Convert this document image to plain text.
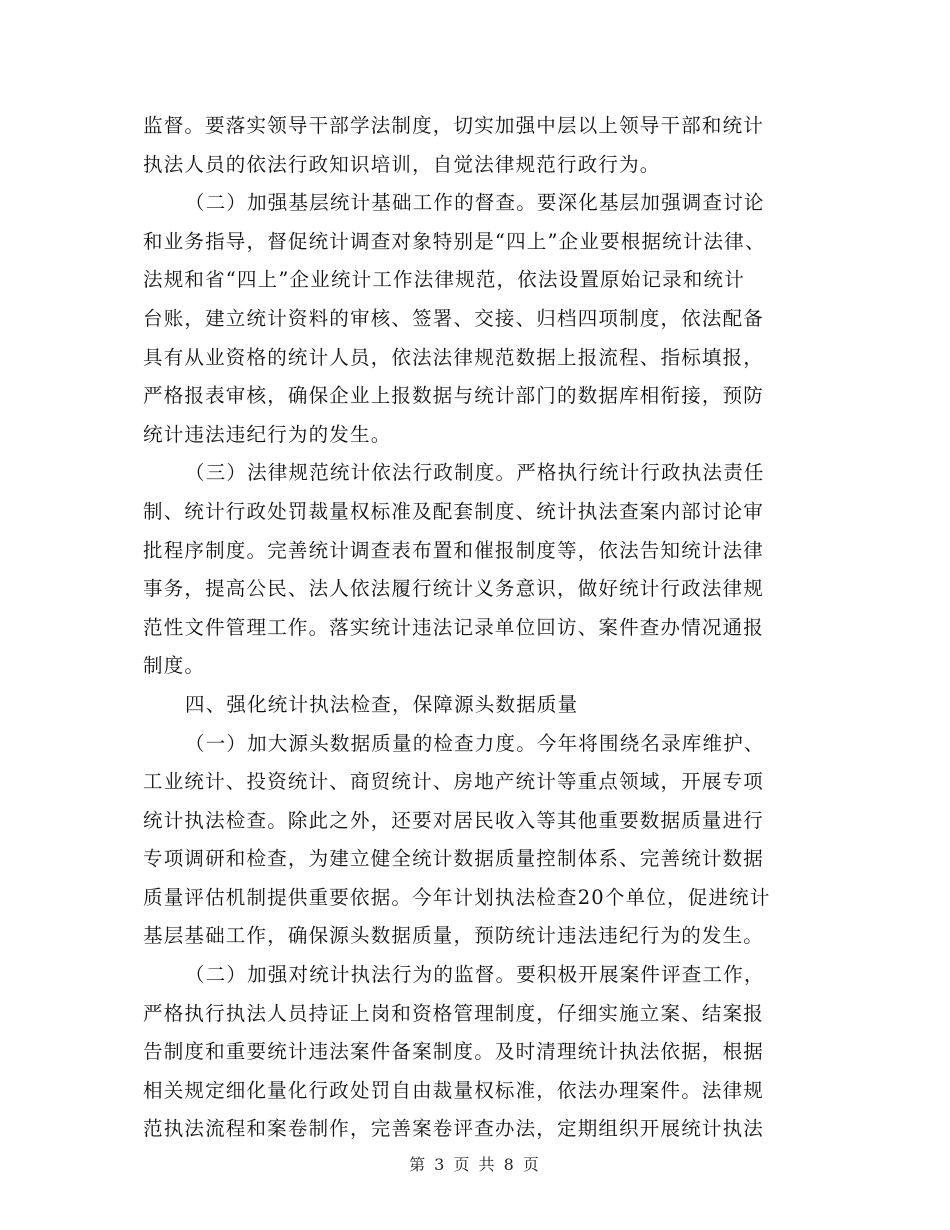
监督。要落实领导干部学法制度，切实加强中层以上领导干部和统计
执法人员的依法行政知识培训，自觉法律规范行政行为。
（二）加强基层统计基础工作的督查。要深化基层加强调查讨论
和业务指导，督促统计调查对象特别是“四上”企业要根据统计法律、
法规和省“四上”企业统计工作法律规范，依法设置原始记录和统计
台账，建立统计资料的审核、签署、交接、归档四项制度，依法配备
具有从业资格的统计人员，依法法律规范数据上报流程、指标填报，
严格报表审核，确保企业上报数据与统计部门的数据库相衔接，预防
统计违法违纪行为的发生。
（三）法律规范统计依法行政制度。严格执行统计行政执法责任
制、统计行政处罚裁量权标准及配套制度、统计执法查案内部讨论审
批程序制度。完善统计调查表布置和催报制度等，依法告知统计法律
事务，提高公民、法人依法履行统计义务意识，做好统计行政法律规
范性文件管理工作。落实统计违法记录单位回访、案件查办情况通报
制度。
四、强化统计执法检查，保障源头数据质量
（一）加大源头数据质量的检查力度。今年将围绕名录库维护、
工业统计、投资统计、商贸统计、房地产统计等重点领域，开展专项
统计执法检查。除此之外，还要对居民收入等其他重要数据质量进行
专项调研和检查，为建立健全统计数据质量控制体系、完善统计数据
质量评估机制提供重要依据。今年计划执法检查20个单位，促进统计
基层基础工作，确保源头数据质量，预防统计违法违纪行为的发生。
（二）加强对统计执法行为的监督。要积极开展案件评查工作，
严格执行执法人员持证上岗和资格管理制度，仔细实施立案、结案报
告制度和重要统计违法案件备案制度。及时清理统计执法依据，根据
相关规定细化量化行政处罚自由裁量权标准，依法办理案件。法律规
范执法流程和案卷制作，完善案卷评查办法，定期组织开展统计执法
第 3 页 共 8 页
